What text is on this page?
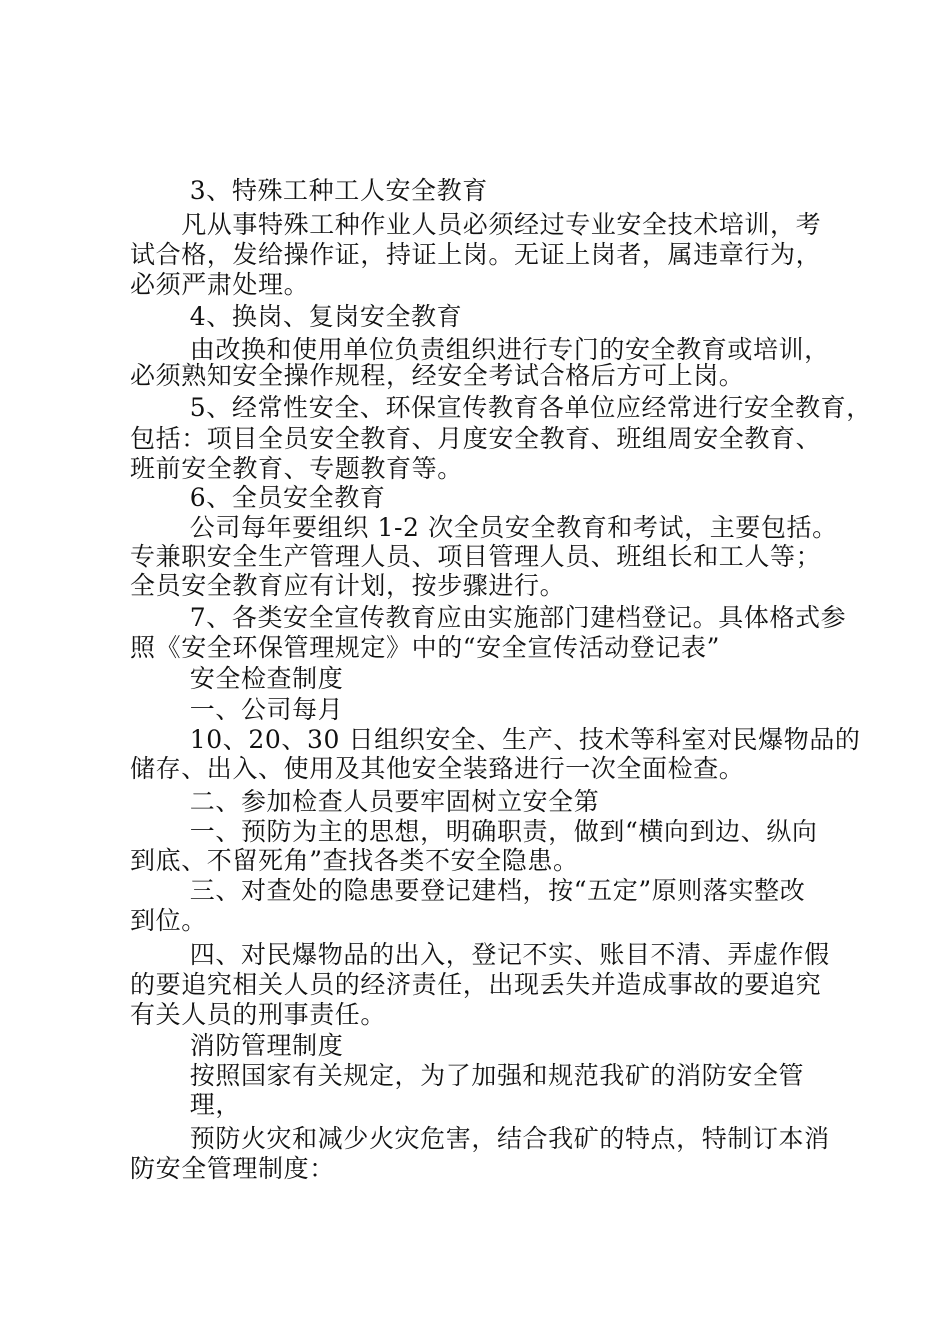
　　 3、特殊工种工人安全教育
　　凡从事特殊工种作业人员必须经过专业安全技术培训，考
试合格，发给操作证，持证上岗。无证上岗者，属违章行为，
必须严肃处理。
　　 4、换岗、复岗安全教育
　　 由改换和使用单位负责组织进行专门的安全教育或培训，
必须熟知安全操作规程，经安全考试合格后方可上岗。
　　 5、经常性安全、环保宣传教育各单位应经常进行安全教育，
包括：项目全员安全教育、月度安全教育、班组周安全教育、
班前安全教育、专题教育等。
　　 6、全员安全教育
　　 公司每年要组织 1-2 次全员安全教育和考试，主要包括。
专兼职安全生产管理人员、项目管理人员、班组长和工人等；
全员安全教育应有计划，按步骤进行。
　　 7、各类安全宣传教育应由实施部门建档登记。具体格式参
照《安全环保管理规定》中的“安全宣传活动登记表”
　　 安全检查制度
　　 一、公司每月
　　 10、20、30 日组织安全、生产、技术等科室对民爆物品的
储存、出入、使用及其他安全装臵进行一次全面检查。
　　 二、参加检查人员要牢固树立安全第
　　 一、预防为主的思想，明确职责，做到“横向到边、纵向
到底、不留死角”查找各类不安全隐患。
　　 三、对查处的隐患要登记建档，按“五定”原则落实整改
到位。
　　 四、对民爆物品的出入，登记不实、账目不清、弄虚作假
的要追究相关人员的经济责任，出现丢失并造成事故的要追究
有关人员的刑事责任。
　　 消防管理制度
　　 按照国家有关规定，为了加强和规范我矿的消防安全管
　　 理，
　　 预防火灾和减少火灾危害，结合我矿的特点，特制订本消
防安全管理制度：
